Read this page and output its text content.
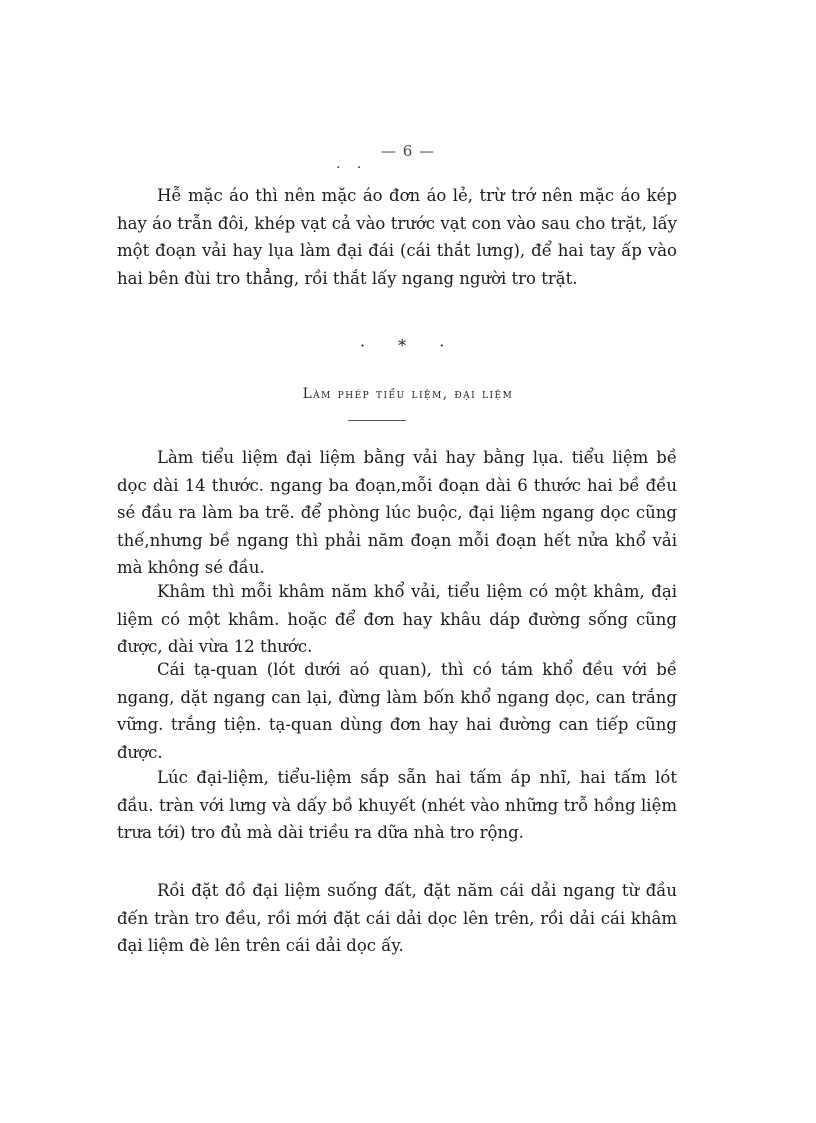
— 6 —
· ·

Hễ mặc áo thì nên mặc áo đơn áo lẻ, trừ trớ nên mặc áo kép hay áo trẫn đôi, khép vạt cả vào trước vạt con vào sau cho trặt, lấy một đoạn vải hay lụa làm đại đái (cái thắt lưng), để hai tay ấp vào hai bên đùi tro thẳng, rồi thắt lấy ngang người tro trặt.

· * ·
Làm phép tiểu liệm, đại liệm

Làm tiểu liệm đại liệm bằng vải hay bằng lụa. tiểu liệm bề dọc dài 14 thước. ngang ba đoạn,mỗi đoạn dài 6 thước hai bề đều sé đầu ra làm ba trẽ. để phòng lúc buộc, đại liệm ngang dọc cũng thế,nhưng bề ngang thì phải năm đoạn mỗi đoạn hết nửa khổ vải mà không sé đầu.

Khâm thì mỗi khâm năm khổ vải, tiểu liệm có một khâm, đại liệm có một khâm. hoặc để đơn hay khâu dáp đường sống cũng được, dài vừa 12 thước.

Cái tạ-quan (lót dưới aó quan), thì có tám khổ đều với bề ngang, dặt ngang can lại, đừng làm bốn khổ ngang dọc, can trắng vững. trắng tiện. tạ-quan dùng đơn hay hai đường can tiếp cũng được.

Lúc đại-liệm, tiểu-liệm sắp sẵn hai tấm áp nhĩ, hai tấm lót đầu. tràn với lưng và dấy bồ khuyết (nhét vào những trỗ hồng liệm trưa tới) tro đủ mà dài triều ra dữa nhà tro rộng.

Rồi đặt đồ đại liệm suống đất, đặt năm cái dải ngang từ đầu đến tràn tro đều, rồi mới đặt cái dải dọc lên trên, rồi dải cái khâm đại liệm đè lên trên cái dải dọc ấy.
